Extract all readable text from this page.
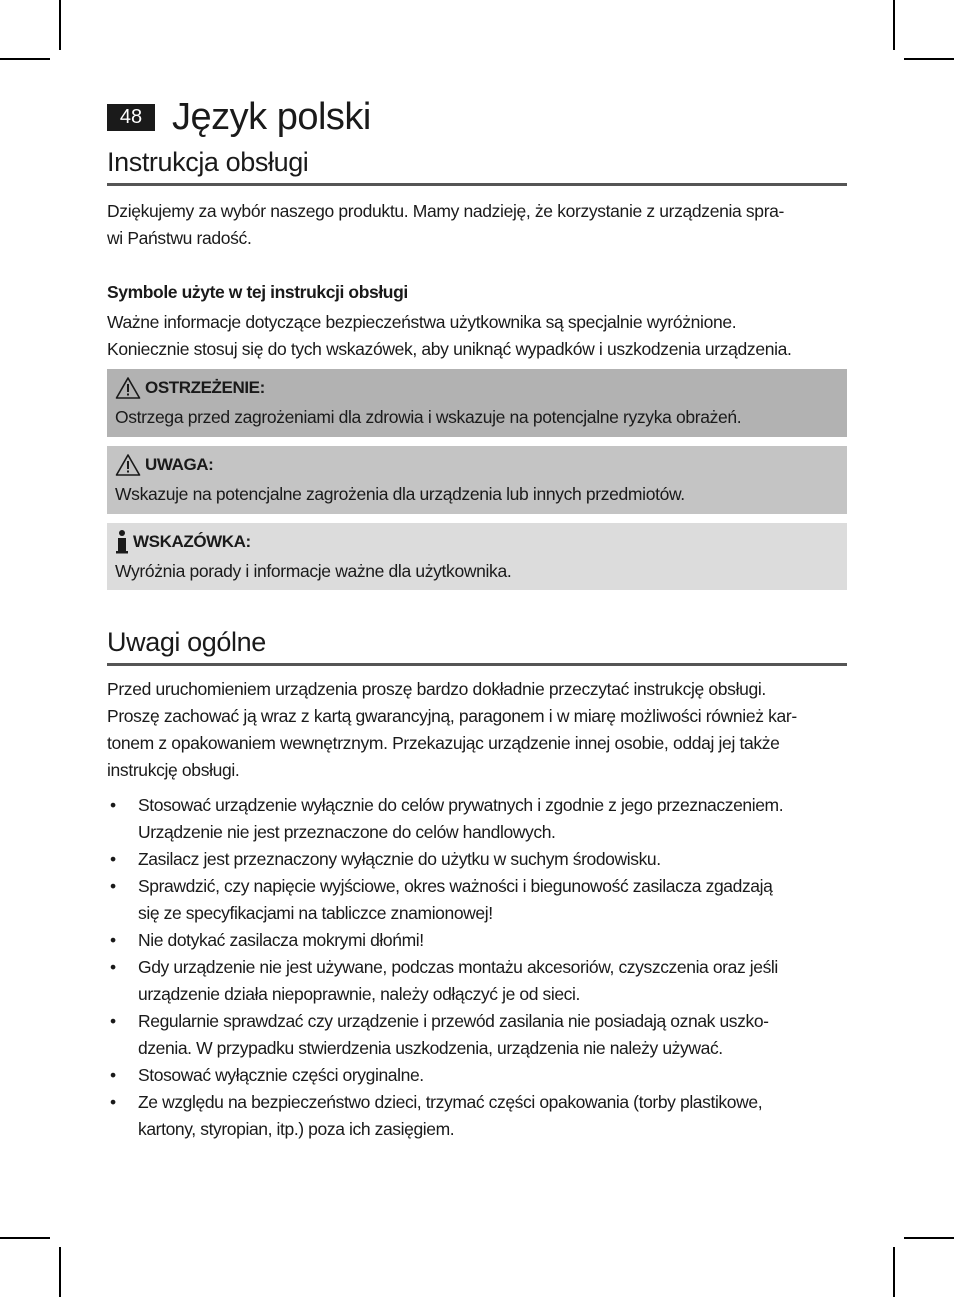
48 Język polski
Instrukcja obsługi
Dziękujemy za wybór naszego produktu. Mamy nadzieję, że korzystanie z urządzenia spra-
wi Państwu radość.
Symbole użyte w tej instrukcji obsługi
Ważne informacje dotyczące bezpieczeństwa użytkownika są specjalnie wyróżnione.
Koniecznie stosuj się do tych wskazówek, aby uniknąć wypadków i uszkodzenia urządzenia.
OSTRZEŻENIE:
Ostrzega przed zagrożeniami dla zdrowia i wskazuje na potencjalne ryzyka obrażeń.
UWAGA:
Wskazuje na potencjalne zagrożenia dla urządzenia lub innych przedmiotów.
WSKAZÓWKA:
Wyróżnia porady i informacje ważne dla użytkownika.
Uwagi ogólne
Przed uruchomieniem urządzenia proszę bardzo dokładnie przeczytać instrukcję obsługi.
Proszę zachować ją wraz z kartą gwarancyjną, paragonem i w miarę możliwości również kar-
tonem z opakowaniem wewnętrznym. Przekazując urządzenie innej osobie, oddaj jej także
instrukcję obsługi.
• Stosować urządzenie wyłącznie do celów prywatnych i zgodnie z jego przeznaczeniem.
Urządzenie nie jest przeznaczone do celów handlowych.
• Zasilacz jest przeznaczony wyłącznie do użytku w suchym środowisku.
• Sprawdzić, czy napięcie wyjściowe, okres ważności i biegunowość zasilacza zgadzają
się ze specyfikacjami na tabliczce znamionowej!
• Nie dotykać zasilacza mokrymi dłońmi!
• Gdy urządzenie nie jest używane, podczas montażu akcesoriów, czyszczenia oraz jeśli
urządzenie działa niepoprawnie, należy odłączyć je od sieci.
• Regularnie sprawdzać czy urządzenie i przewód zasilania nie posiadają oznak uszko-
dzenia. W przypadku stwierdzenia uszkodzenia, urządzenia nie należy używać.
• Stosować wyłącznie części oryginalne.
• Ze względu na bezpieczeństwo dzieci, trzymać części opakowania (torby plastikowe,
kartony, styropian, itp.) poza ich zasięgiem.
